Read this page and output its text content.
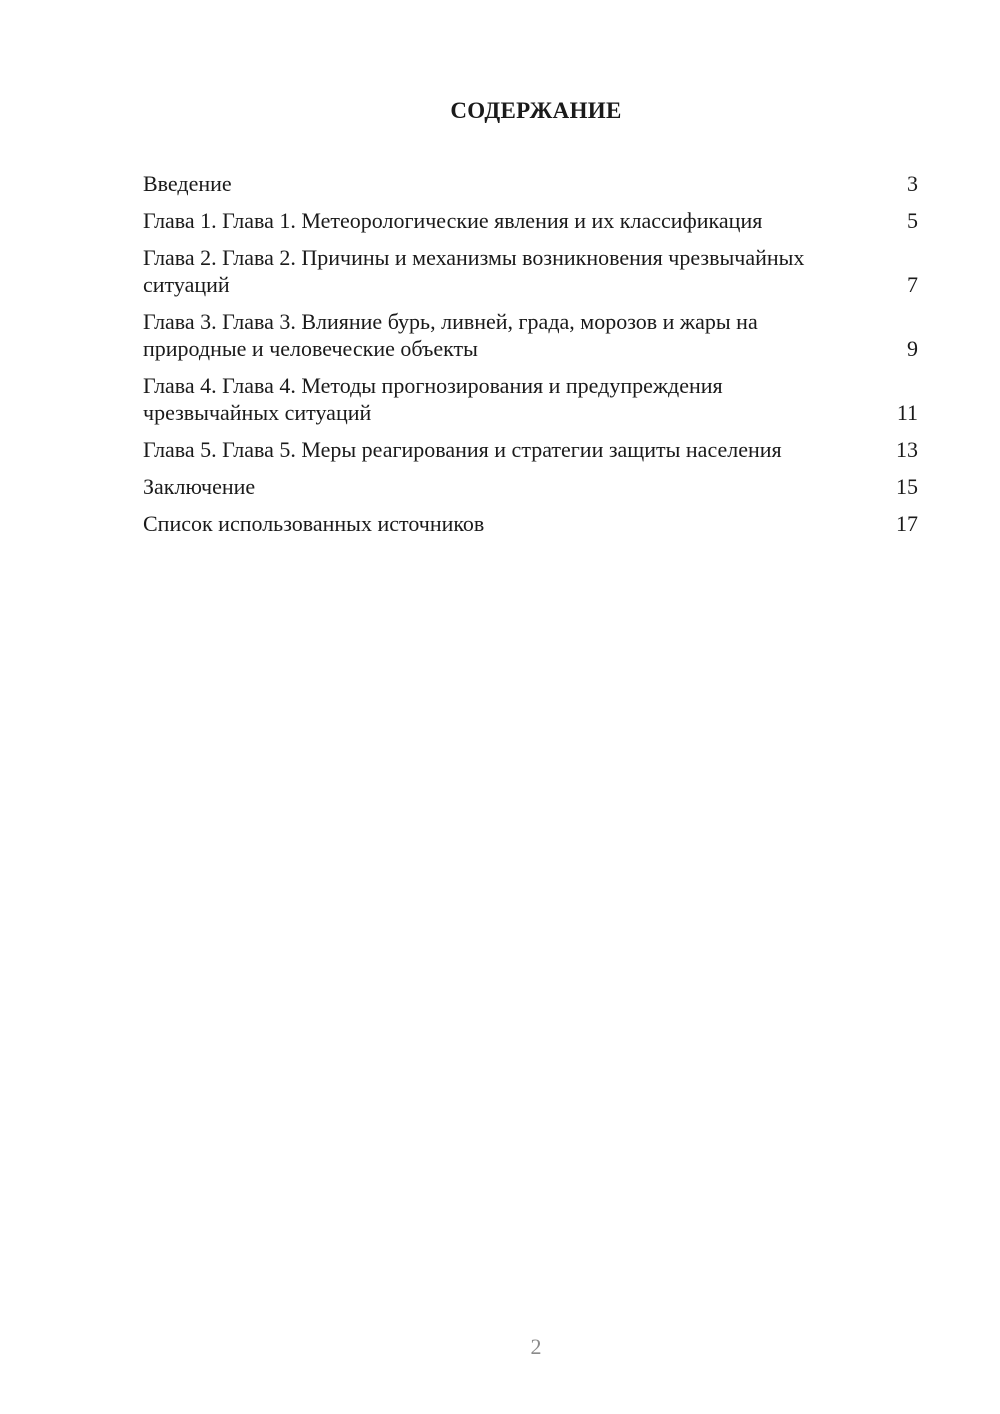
СОДЕРЖАНИЕ
Введение	3
Глава 1. Глава 1. Метеорологические явления и их классификация	5
Глава 2. Глава 2. Причины и механизмы возникновения чрезвычайных ситуаций	7
Глава 3. Глава 3. Влияние бурь, ливней, града, морозов и жары на природные и человеческие объекты	9
Глава 4. Глава 4. Методы прогнозирования и предупреждения чрезвычайных ситуаций	11
Глава 5. Глава 5. Меры реагирования и стратегии защиты населения	13
Заключение	15
Список использованных источников	17
2
